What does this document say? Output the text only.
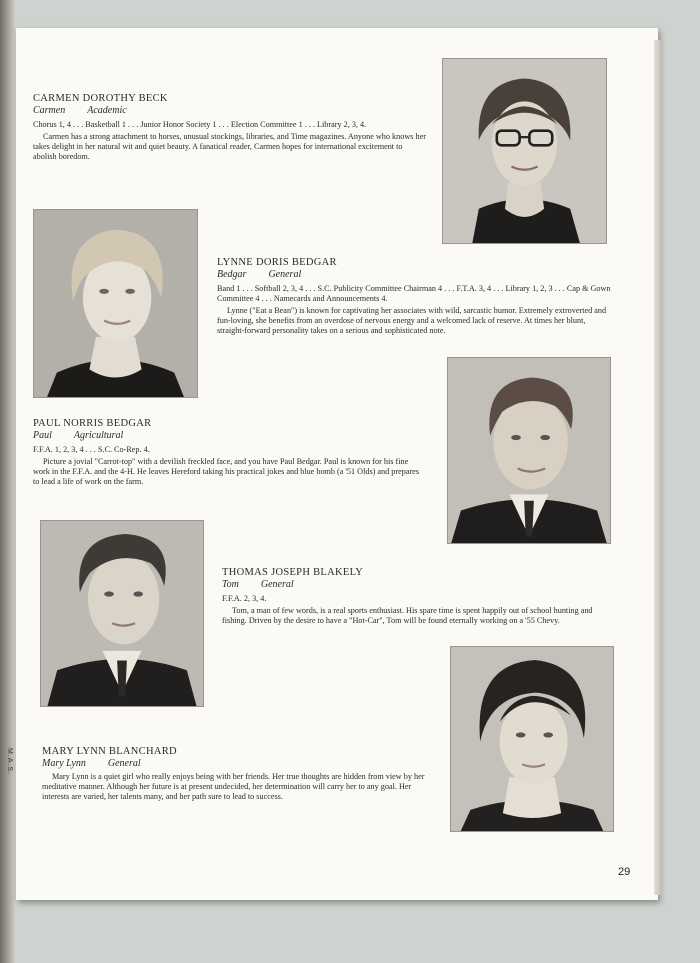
M.A.S.
CARMEN DOROTHY BECK
Carmen Academic
Chorus 1, 4 . . . Basketball 1 . . . Junior Honor Society 1 . . . Election Committee 1 . . . Library 2, 3, 4.
Carmen has a strong attachment to horses, unusual stockings, libraries, and Time magazines. Anyone who knows her takes delight in her natural wit and quiet beauty. A fanatical reader, Carmen hopes for international excitement to abolish boredom.
LYNNE DORIS BEDGAR
Bedgar General
Band 1 . . . Softball 2, 3, 4 . . . S.C. Publicity Committee Chairman 4 . . . F.T.A. 3, 4 . . . Library 1, 2, 3 . . . Cap & Gown Committee 4 . . . Namecards and Announcements 4.
Lynne ("Eat a Bean") is known for captivating her associates with wild, sarcastic humor. Extremely extroverted and fun-loving, she benefits from an overdose of nervous energy and a welcomed lack of reserve. At times her blunt, straight-forward personality takes on a serious and sophisticated note.
PAUL NORRIS BEDGAR
Paul Agricultural
F.F.A. 1, 2, 3, 4 . . . S.C. Co-Rep. 4.
Picture a jovial "Carrot-top" with a devilish freckled face, and you have Paul Bedgar. Paul is known for his fine work in the F.F.A. and the 4-H. He leaves Hereford taking his practical jokes and blue bomb (a '51 Olds) and prepares to lead a life of work on the farm.
THOMAS JOSEPH BLAKELY
Tom General
F.F.A. 2, 3, 4.
Tom, a man of few words, is a real sports enthusiast. His spare time is spent happily out of school hunting and fishing. Driven by the desire to have a "Hot-Car", Tom will be found eternally working on a '55 Chevy.
MARY LYNN BLANCHARD
Mary Lynn General
Mary Lynn is a quiet girl who really enjoys being with her friends. Her true thoughts are hidden from view by her meditative manner. Although her future is at present undecided, her determination will carry her to any goal. Her interests are varied, her talents many, and her path sure to lead to success.
29
